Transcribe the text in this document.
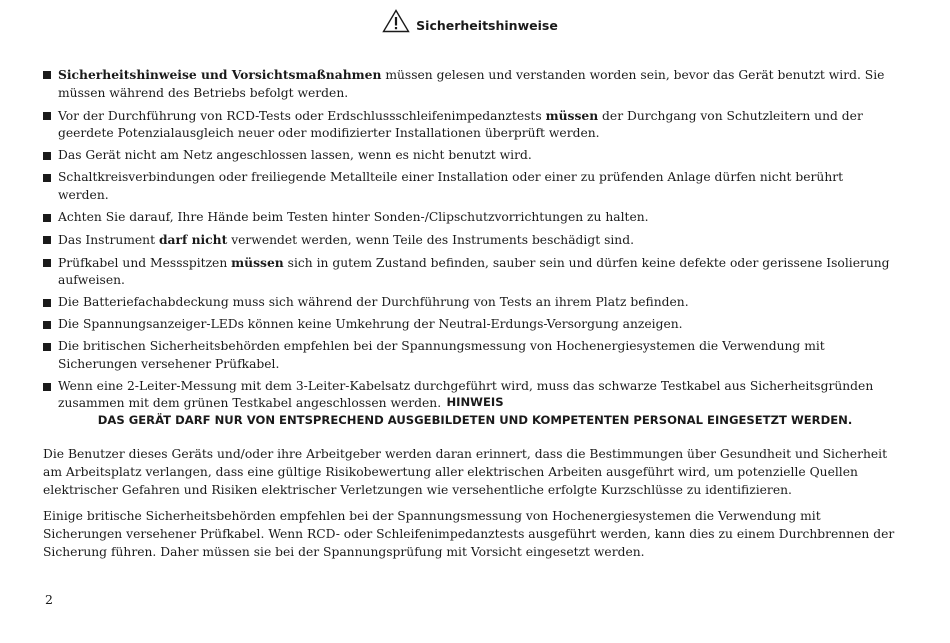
Sicherheitshinweise
Sicherheitshinweise und Vorsichtsmaßnahmen müssen gelesen und verstanden worden sein, bevor das Gerät benutzt wird. Sie müssen während des Betriebs befolgt werden.
Vor der Durchführung von RCD-Tests oder Erdschlussschleifenimpedanztests müssen der Durchgang von Schutzleitern und der geerdete Potenzialausgleich neuer oder modifizierter Installationen überprüft werden.
Das Gerät nicht am Netz angeschlossen lassen, wenn es nicht benutzt wird.
Schaltkreisverbindungen oder freiliegende Metallteile einer Installation oder einer zu prüfenden Anlage dürfen nicht berührt werden.
Achten Sie darauf, Ihre Hände beim Testen hinter Sonden-/Clipschutzvorrichtungen zu halten.
Das Instrument darf nicht verwendet werden, wenn Teile des Instruments beschädigt sind.
Prüfkabel und Messspitzen müssen sich in gutem Zustand befinden, sauber sein und dürfen keine defekte oder gerissene Isolierung aufweisen.
Die Batteriefachabdeckung muss sich während der Durchführung von Tests an ihrem Platz befinden.
Die Spannungsanzeiger-LEDs können keine Umkehrung der Neutral-Erdungs-Versorgung anzeigen.
Die britischen Sicherheitsbehörden empfehlen bei der Spannungsmessung von Hochenergiesystemen die Verwendung mit Sicherungen versehener Prüfkabel.
Wenn eine 2-Leiter-Messung mit dem 3-Leiter-Kabelsatz durchgeführt wird, muss das schwarze Testkabel aus Sicherheitsgründen zusammen mit dem grünen Testkabel angeschlossen werden. HINWEIS
DAS GERÄT DARF NUR VON ENTSPRECHEND AUSGEBILDETEN UND KOMPETENTEN PERSONAL EINGESETZT WERDEN.

Die Benutzer dieses Geräts und/oder ihre Arbeitgeber werden daran erinnert, dass die Bestimmungen über Gesundheit und Sicherheit am Arbeitsplatz verlangen, dass eine gültige Risikobewertung aller elektrischen Arbeiten ausgeführt wird, um potenzielle Quellen elektrischer Gefahren und Risiken elektrischer Verletzungen wie versehentliche erfolgte Kurzschlüsse zu identifizieren.

Einige britische Sicherheitsbehörden empfehlen bei der Spannungsmessung von Hochenergiesystemen die Verwendung mit Sicherungen versehener Prüfkabel. Wenn RCD- oder Schleifenimpedanztests ausgeführt werden, kann dies zu einem Durchbrennen der Sicherung führen. Daher müssen sie bei der Spannungsprüfung mit Vorsicht eingesetzt werden.

2
